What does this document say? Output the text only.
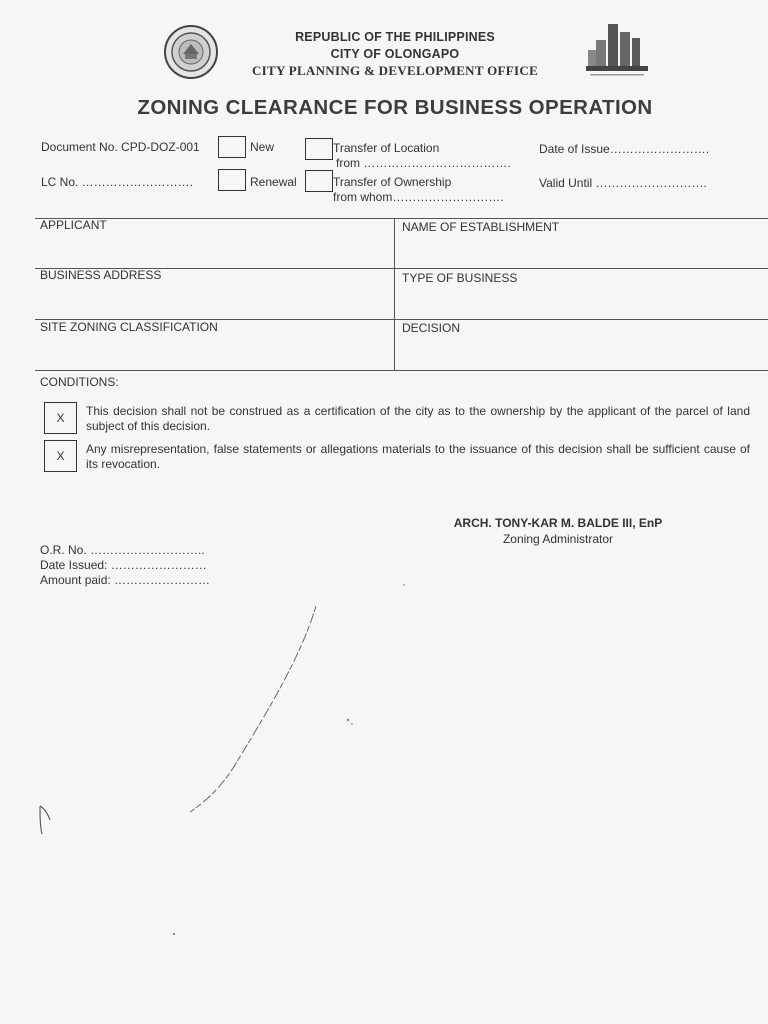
REPUBLIC OF THE PHILIPPINES
CITY OF OLONGAPO
CITY PLANNING & DEVELOPMENT OFFICE
ZONING CLEARANCE FOR BUSINESS OPERATION
Document No. CPD-DOZ-001	New	Transfer of Location
from ……………………………….
Date of Issue…………………….
LC No. ……………………….	Renewal	Transfer of Ownership
from whom……………………….
Valid Until ……………………….
APPLICANT	NAME OF ESTABLISHMENT
BUSINESS ADDRESS	TYPE OF BUSINESS
SITE ZONING CLASSIFICATION	DECISION
CONDITIONS:
X	This decision shall not be construed as a certification of the city as to the ownership by the applicant of the parcel of land subject of this decision.
X	Any misrepresentation, false statements or allegations materials to the issuance of this decision shall be sufficient cause of its revocation.
ARCH. TONY-KAR M. BALDE III, EnP
Zoning Administrator
O.R. No. ………………………..
Date Issued: ……………………
Amount paid: ……………………
